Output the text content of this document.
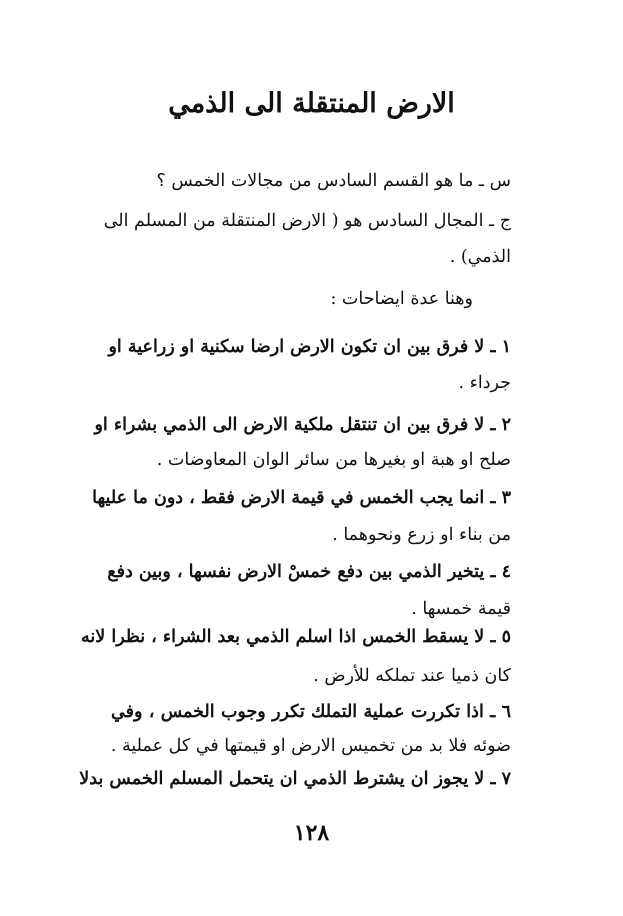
الارض المنتقلة الى الذمي
س ـ ما هو القسم السادس من مجالات الخمس ؟
ج ـ المجال السادس هو ( الارض المنتقلة من المسلم الى
الذمي) .
وهنا عدة ايضاحات :
١ ـ لا فرق بين ان تكون الارض ارضا سكنية او زراعية او
جرداء .
٢ ـ لا فرق بين ان تنتقل ملكية الارض الى الذمي بشراء او
صلح او هبة او بغيرها من سائر الوان المعاوضات .
٣ ـ انما يجب الخمس في قيمة الارض فقط ، دون ما عليها
من بناء او زرع ونحوهما .
٤ ـ يتخير الذمي بين دفع خمسْ الارض نفسها ، وبين دفع
قيمة خمسها .
٥ ـ لا يسقط الخمس اذا اسلم الذمي بعد الشراء ، نظرا لانه
كان ذميا عند تملكه للأرض .
٦ ـ اذا تكررت عملية التملك تكرر وجوب الخمس ، وفي
ضوئه فلا بد من تخميس الارض او قيمتها في كل عملية .
٧ ـ لا يجوز ان يشترط الذمي ان يتحمل المسلم الخمس بدلا
١٢٨
